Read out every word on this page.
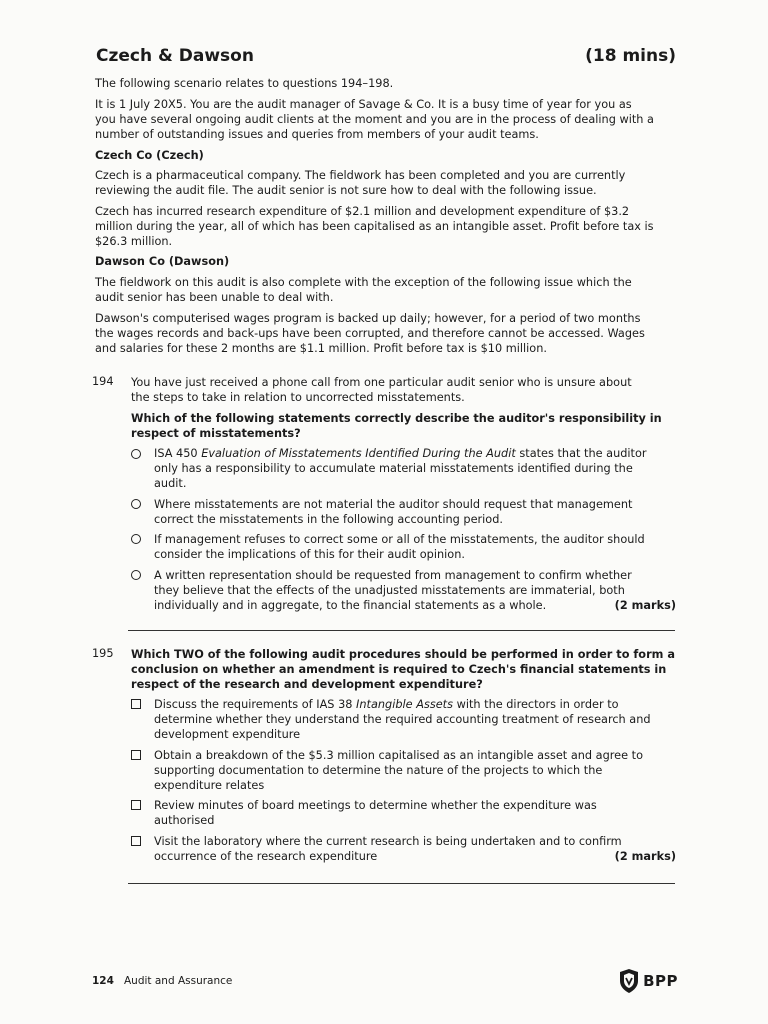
Czech & Dawson	(18 mins)
The following scenario relates to questions 194–198.
It is 1 July 20X5. You are the audit manager of Savage & Co. It is a busy time of year for you as
you have several ongoing audit clients at the moment and you are in the process of dealing with a
number of outstanding issues and queries from members of your audit teams.
Czech Co (Czech)
Czech is a pharmaceutical company. The fieldwork has been completed and you are currently
reviewing the audit file. The audit senior is not sure how to deal with the following issue.
Czech has incurred research expenditure of $2.1 million and development expenditure of $3.2
million during the year, all of which has been capitalised as an intangible asset. Profit before tax is
$26.3 million.
Dawson Co (Dawson)
The fieldwork on this audit is also complete with the exception of the following issue which the
audit senior has been unable to deal with.
Dawson's computerised wages program is backed up daily; however, for a period of two months
the wages records and back-ups have been corrupted, and therefore cannot be accessed. Wages
and salaries for these 2 months are $1.1 million. Profit before tax is $10 million.
194 You have just received a phone call from one particular audit senior who is unsure about
the steps to take in relation to uncorrected misstatements.
Which of the following statements correctly describe the auditor's responsibility in
respect of misstatements?
ISA 450 Evaluation of Misstatements Identified During the Audit states that the auditor
only has a responsibility to accumulate material misstatements identified during the
audit.
Where misstatements are not material the auditor should request that management
correct the misstatements in the following accounting period.
If management refuses to correct some or all of the misstatements, the auditor should
consider the implications of this for their audit opinion.
A written representation should be requested from management to confirm whether
they believe that the effects of the unadjusted misstatements are immaterial, both
individually and in aggregate, to the financial statements as a whole.	(2 marks)
195 Which TWO of the following audit procedures should be performed in order to form a
conclusion on whether an amendment is required to Czech's financial statements in
respect of the research and development expenditure?
Discuss the requirements of IAS 38 Intangible Assets with the directors in order to
determine whether they understand the required accounting treatment of research and
development expenditure
Obtain a breakdown of the $5.3 million capitalised as an intangible asset and agree to
supporting documentation to determine the nature of the projects to which the
expenditure relates
Review minutes of board meetings to determine whether the expenditure was
authorised
Visit the laboratory where the current research is being undertaken and to confirm
occurrence of the research expenditure	(2 marks)
124 Audit and Assurance	BPP
